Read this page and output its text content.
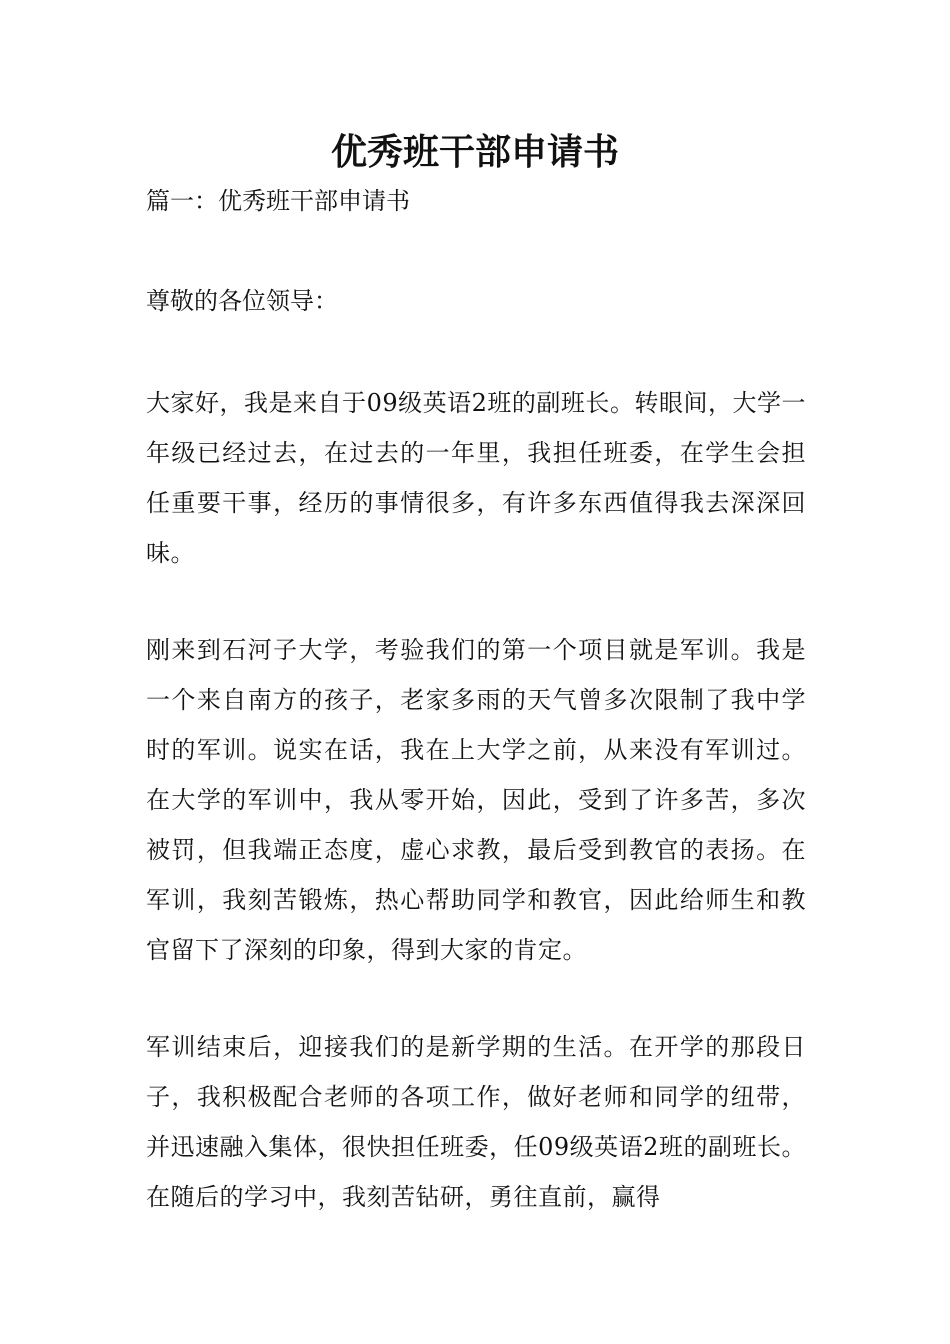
优秀班干部申请书

篇一：优秀班干部申请书

尊敬的各位领导：

大家好，我是来自于09级英语2班的副班长。转眼间，大学一年级已经过去，在过去的一年里，我担任班委，在学生会担任重要干事，经历的事情很多，有许多东西值得我去深深回味。

刚来到石河子大学，考验我们的第一个项目就是军训。我是一个来自南方的孩子，老家多雨的天气曾多次限制了我中学时的军训。说实在话，我在上大学之前，从来没有军训过。在大学的军训中，我从零开始，因此，受到了许多苦，多次被罚，但我端正态度，虚心求教，最后受到教官的表扬。在军训，我刻苦锻炼，热心帮助同学和教官，因此给师生和教官留下了深刻的印象，得到大家的肯定。

军训结束后，迎接我们的是新学期的生活。在开学的那段日子，我积极配合老师的各项工作，做好老师和同学的纽带，并迅速融入集体，很快担任班委，任09级英语2班的副班长。在随后的学习中，我刻苦钻研，勇往直前，赢得
